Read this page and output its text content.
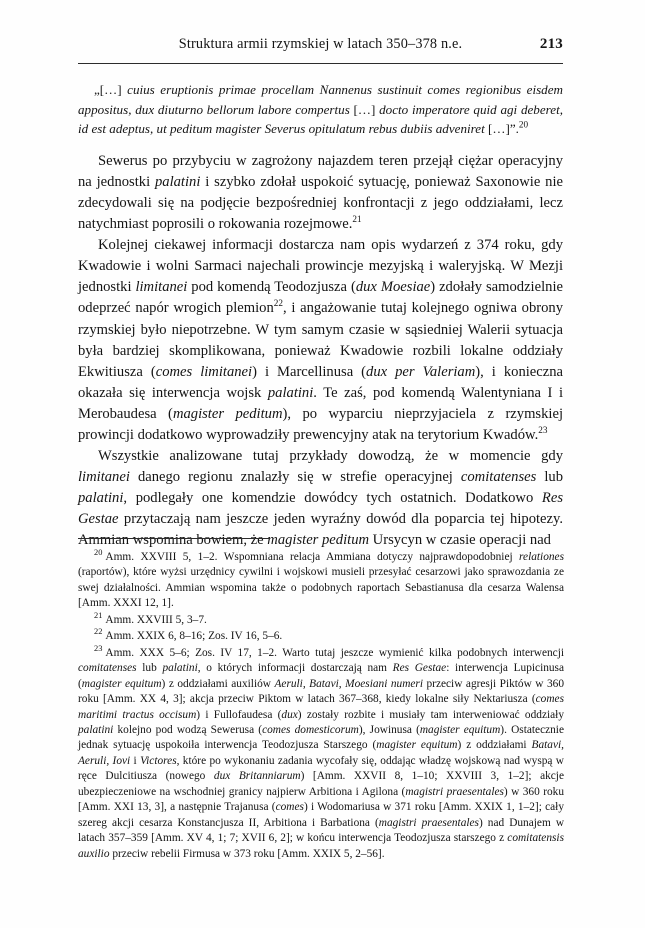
Struktura armii rzymskiej w latach 350–378 n.e.	213
„[…] cuius eruptionis primae procellam Nannenus sustinuit comes regionibus eisdem appositus, dux diuturno bellorum labore compertus […] docto imperatore quid agi deberet, id est adeptus, ut peditum magister Severus opitulatum rebus dubiis adveniret […]”.$^{20}$

Sewerus po przybyciu w zagrożony najazdem teren przejął ciężar operacyjny na jednostki palatini i szybko zdołał uspokoić sytuację, ponieważ Saxonowie nie zdecydowali się na podjęcie bezpośredniej konfrontacji z jego oddziałami, lecz natychmiast poprosili o rokowania rozejmowe.$^{21}$

Kolejnej ciekawej informacji dostarcza nam opis wydarzeń z 374 roku, gdy Kwadowie i wolni Sarmaci najechali prowincje mezyjską i waleryjską. W Mezji jednostki limitanei pod komendą Teodozjusza (dux Moesiae) zdołały samodzielnie odeprzeć napór wrogich plemion$^{22}$, i angażowanie tutaj kolejnego ogniwa obrony rzymskiej było niepotrzebne. W tym samym czasie w sąsiedniej Walerii sytuacja była bardziej skomplikowana, ponieważ Kwadowie rozbili lokalne oddziały Ekwitiusza (comes limitanei) i Marcellinusa (dux per Valeriam), i konieczna okazała się interwencja wojsk palatini. Te zaś, pod komendą Walentyniana I i Merobaudesa (magister peditum), po wyparciu nieprzyjaciela z rzymskiej prowincji dodatkowo wyprowadziły prewencyjny atak na terytorium Kwadów.$^{23}$

Wszystkie analizowane tutaj przykłady dowodzą, że w momencie gdy limitanei danego regionu znalazły się w strefie operacyjnej comitatenses lub palatini, podlegały one komendzie dowódcy tych ostatnich. Dodatkowo Res Gestae przytaczają nam jeszcze jeden wyraźny dowód dla poparcia tej hipotezy. Ammian wspomina bowiem, że magister peditum Ursycyn w czasie operacji nad

$^{20}$ Amm. XXVIII 5, 1–2. Wspomniana relacja Ammiana dotyczy najprawdopodobniej relationes (raportów), które wyżsi urzędnicy cywilni i wojskowi musieli przesyłać cesarzowi jako sprawozdania ze swej działalności. Ammian wspomina także o podobnych raportach Sebastianusa dla cesarza Walensa [Amm. XXXI 12, 1].

$^{21}$ Amm. XXVIII 5, 3–7.

$^{22}$ Amm. XXIX 6, 8–16; Zos. IV 16, 5–6.

$^{23}$ Amm. XXX 5–6; Zos. IV 17, 1–2. Warto tutaj jeszcze wymienić kilka podobnych interwencji comitatenses lub palatini, o których informacji dostarczają nam Res Gestae: interwencja Lupicinusa (magister equitum) z oddziałami auxiliów Aeruli, Batavi, Moesiani numeri przeciw agresji Piktów w 360 roku [Amm. XX 4, 3]; akcja przeciw Piktom w latach 367–368, kiedy lokalne siły Nektariusza (comes maritimi tractus occisum) i Fullofaudesa (dux) zostały rozbite i musiały tam interweniować oddziały palatini kolejno pod wodzą Sewerusa (comes domesticorum), Jowinusa (magister equitum). Ostatecznie jednak sytuację uspokoiła interwencja Teodozjusza Starszego (magister equitum) z oddziałami Batavi, Aeruli, Iovi i Victores, które po wykonaniu zadania wycofały się, oddając władzę wojskową nad wyspą w ręce Dulcitiusza (nowego dux Britanniarum) [Amm. XXVII 8, 1–10; XXVIII 3, 1–2]; akcje ubezpieczeniowe na wschodniej granicy najpierw Arbitiona i Agilona (magistri praesentales) w 360 roku [Amm. XXI 13, 3], a następnie Trajanusa (comes) i Wodomariusa w 371 roku [Amm. XXIX 1, 1–2]; cały szereg akcji cesarza Konstancjusza II, Arbitiona i Barbationa (magistri praesentales) nad Dunajem w latach 357–359 [Amm. XV 4, 1; 7; XVII 6, 2]; w końcu interwencja Teodozjusza starszego z comitatensis auxilio przeciw rebelii Firmusa w 373 roku [Amm. XXIX 5, 2–56].
